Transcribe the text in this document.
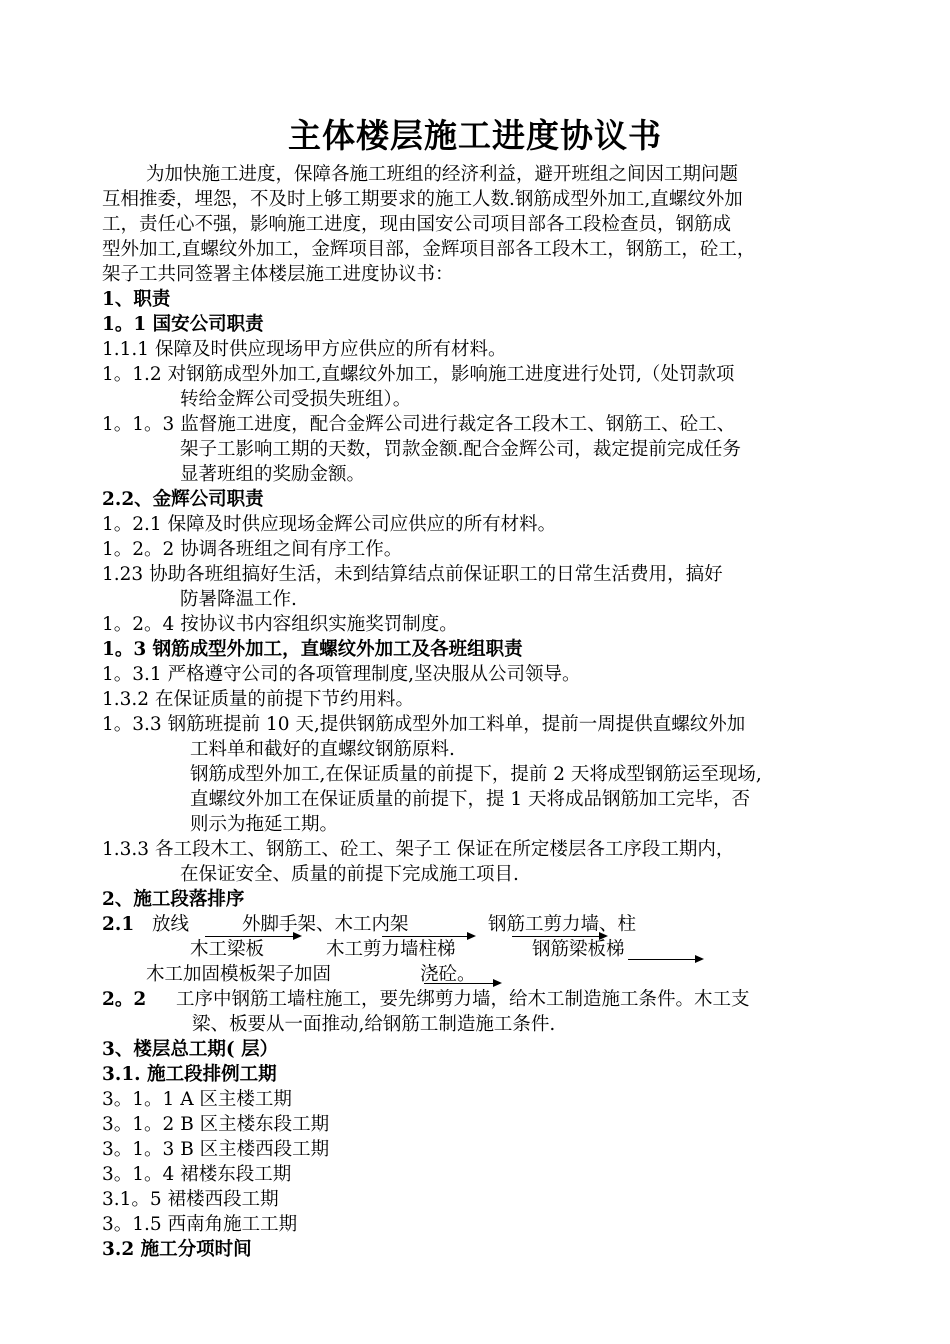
主体楼层施工进度协议书
为加快施工进度，保障各施工班组的经济利益，避开班组之间因工期问题
互相推委，埋怨，不及时上够工期要求的施工人数.钢筋成型外加工,直螺纹外加
工，责任心不强，影响施工进度，现由国安公司项目部各工段检查员，钢筋成
型外加工,直螺纹外加工，金辉项目部，金辉项目部各工段木工，钢筋工，砼工，
架子工共同签署主体楼层施工进度协议书：
1、职责
1。1 国安公司职责
1.1.1 保障及时供应现场甲方应供应的所有材料。
1。1.2 对钢筋成型外加工,直螺纹外加工，影响施工进度进行处罚,（处罚款项
转给金辉公司受损失班组）。
1。1。3 监督施工进度，配合金辉公司进行裁定各工段木工、钢筋工、砼工、
架子工影响工期的天数，罚款金额.配合金辉公司，裁定提前完成任务
显著班组的奖励金额。
2.2、金辉公司职责
1。2.1 保障及时供应现场金辉公司应供应的所有材料。
1。2。2 协调各班组之间有序工作。
1.23 协助各班组搞好生活，未到结算结点前保证职工的日常生活费用，搞好
防暑降温工作.
1。2。4 按协议书内容组织实施奖罚制度。
1。3 钢筋成型外加工，直螺纹外加工及各班组职责
1。3.1 严格遵守公司的各项管理制度,坚决服从公司领导。
1.3.2 在保证质量的前提下节约用料。
1。3.3 钢筋班提前 10 天,提供钢筋成型外加工料单，提前一周提供直螺纹外加
工料单和截好的直螺纹钢筋原料.
钢筋成型外加工,在保证质量的前提下，提前 2 天将成型钢筋运至现场,
直螺纹外加工在保证质量的前提下，提 1 天将成品钢筋加工完毕，否
则示为拖延工期。
1.3.3 各工段木工、钢筋工、砼工、架子工 保证在所定楼层各工序段工期内，
在保证安全、质量的前提下完成施工项目.
2、施工段落排序
2.1 放线	外脚手架、木工内架	钢筋工剪力墙、柱
木工梁板	木工剪力墙柱梯	钢筋梁板梯
木工加固模板架子加固	浇砼。
2。2 工序中钢筋工墙柱施工，要先绑剪力墙，给木工制造施工条件。木工支
梁、板要从一面推动,给钢筋工制造施工条件.
3、楼层总工期( 层）
3.1. 施工段排例工期
3。1。1 A 区主楼工期
3。1。2 B 区主楼东段工期
3。1。3 B 区主楼西段工期
3。1。4 裙楼东段工期
3.1。5 裙楼西段工期
3。1.5 西南角施工工期
3.2 施工分项时间
